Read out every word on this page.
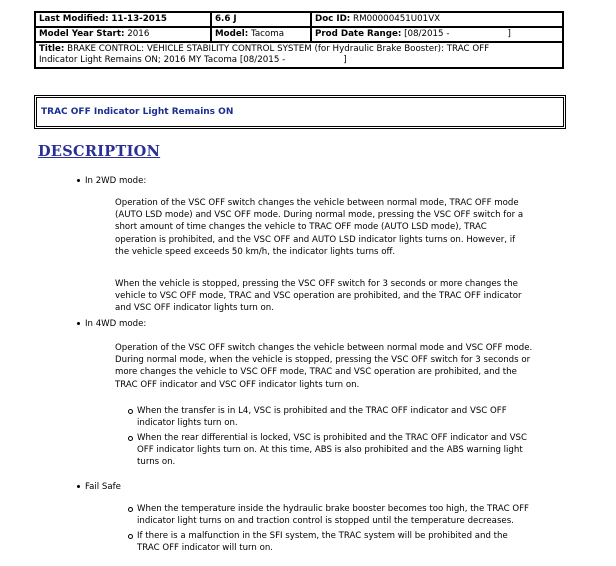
Last Modified: 11-13-2015	6.6 J	Doc ID: RM00000451U01VX
Model Year Start: 2016	Model: Tacoma	Prod Date Range: [08/2015 - ]
Title: BRAKE CONTROL: VEHICLE STABILITY CONTROL SYSTEM (for Hydraulic Brake Booster): TRAC OFF
Indicator Light Remains ON; 2016 MY Tacoma [08/2015 - ]		
TRAC OFF Indicator Light Remains ON
DESCRIPTION
In 2WD mode:
Operation of the VSC OFF switch changes the vehicle between normal mode, TRAC OFF mode
(AUTO LSD mode) and VSC OFF mode. During normal mode, pressing the VSC OFF switch for a
short amount of time changes the vehicle to TRAC OFF mode (AUTO LSD mode), TRAC
operation is prohibited, and the VSC OFF and AUTO LSD indicator lights turns on. However, if
the vehicle speed exceeds 50 km/h, the indicator lights turns off.
When the vehicle is stopped, pressing the VSC OFF switch for 3 seconds or more changes the
vehicle to VSC OFF mode, TRAC and VSC operation are prohibited, and the TRAC OFF indicator
and VSC OFF indicator lights turn on.
In 4WD mode:
Operation of the VSC OFF switch changes the vehicle between normal mode and VSC OFF mode.
During normal mode, when the vehicle is stopped, pressing the VSC OFF switch for 3 seconds or
more changes the vehicle to VSC OFF mode, TRAC and VSC operation are prohibited, and the
TRAC OFF indicator and VSC OFF indicator lights turn on.
When the transfer is in L4, VSC is prohibited and the TRAC OFF indicator and VSC OFF
indicator lights turn on.
When the rear differential is locked, VSC is prohibited and the TRAC OFF indicator and VSC
OFF indicator lights turn on. At this time, ABS is also prohibited and the ABS warning light
turns on.
Fail Safe
When the temperature inside the hydraulic brake booster becomes too high, the TRAC OFF
indicator light turns on and traction control is stopped until the temperature decreases.
If there is a malfunction in the SFI system, the TRAC system will be prohibited and the
TRAC OFF indicator will turn on.
